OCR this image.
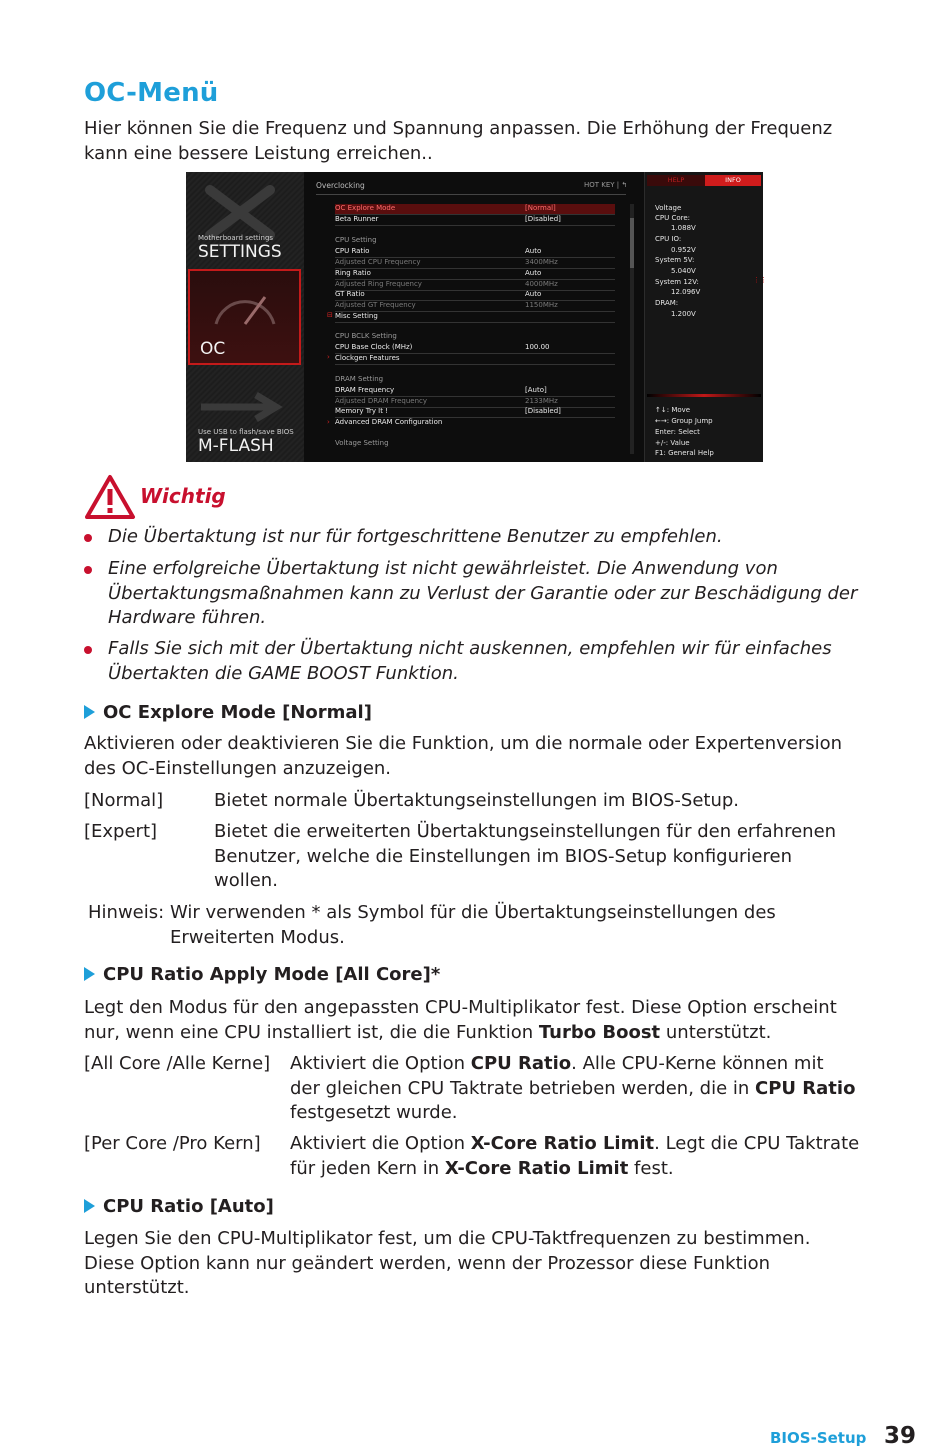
OC-Menü
Hier können Sie die Frequenz und Spannung anpassen. Die Erhöhung der Frequenz
kann eine bessere Leistung erreichen..
Motherboard settings
SETTINGS
OC
Use USB to flash/save BIOS
M-FLASH
Overclocking	HOT KEY | ↰
OC Explore Mode	[Normal]
Beta Runner	[Disabled]
CPU Setting
CPU Ratio	Auto
Adjusted CPU Frequency	3400MHz
Ring Ratio	Auto
Adjusted Ring Frequency	4000MHz
GT Ratio	Auto
Adjusted GT Frequency	1150MHz
⊟ Misc Setting
CPU BCLK Setting
CPU Base Clock (MHz)	100.00
› Clockgen Features
DRAM Setting
DRAM Frequency	[Auto]
Adjusted DRAM Frequency	2133MHz
Memory Try It !	[Disabled]
› Advanced DRAM Configuration
Voltage Setting
HELP	INFO
Voltage
CPU Core:
1.088V
CPU IO:
0.952V
System 5V:
5.040V
System 12V:
12.096V
DRAM:
1.200V
⋮⋮
↑↓: Move
←→: Group Jump
Enter: Select
+/-: Value
F1: General Help
Wichtig
Die Übertaktung ist nur für fortgeschrittene Benutzer zu empfehlen.
Eine erfolgreiche Übertaktung ist nicht gewährleistet. Die Anwendung von
Übertaktungsmaßnahmen kann zu Verlust der Garantie oder zur Beschädigung der
Hardware führen.
Falls Sie sich mit der Übertaktung nicht auskennen, empfehlen wir für einfaches
Übertakten die GAME BOOST Funktion.
OC Explore Mode [Normal]
Aktivieren oder deaktivieren Sie die Funktion, um die normale oder Expertenversion
des OC-Einstellungen anzuzeigen.
[Normal]	Bietet normale Übertaktungseinstellungen im BIOS-Setup.
[Expert]	Bietet die erweiterten Übertaktungseinstellungen für den erfahrenen
Benutzer, welche die Einstellungen im BIOS-Setup konfigurieren
wollen.
Hinweis: Wir verwenden * als Symbol für die Übertaktungseinstellungen des
Erweiterten Modus.
CPU Ratio Apply Mode [All Core]*
Legt den Modus für den angepassten CPU-Multiplikator fest. Diese Option erscheint
nur, wenn eine CPU installiert ist, die die Funktion Turbo Boost unterstützt.
[All Core /Alle Kerne] Aktiviert die Option CPU Ratio. Alle CPU-Kerne können mit
der gleichen CPU Taktrate betrieben werden, die in CPU Ratio
festgesetzt wurde.
[Per Core /Pro Kern] Aktiviert die Option X-Core Ratio Limit. Legt die CPU Taktrate
für jeden Kern in X-Core Ratio Limit fest.
CPU Ratio [Auto]
Legen Sie den CPU-Multiplikator fest, um die CPU-Taktfrequenzen zu bestimmen.
Diese Option kann nur geändert werden, wenn der Prozessor diese Funktion
unterstützt.
BIOS-Setup 39
